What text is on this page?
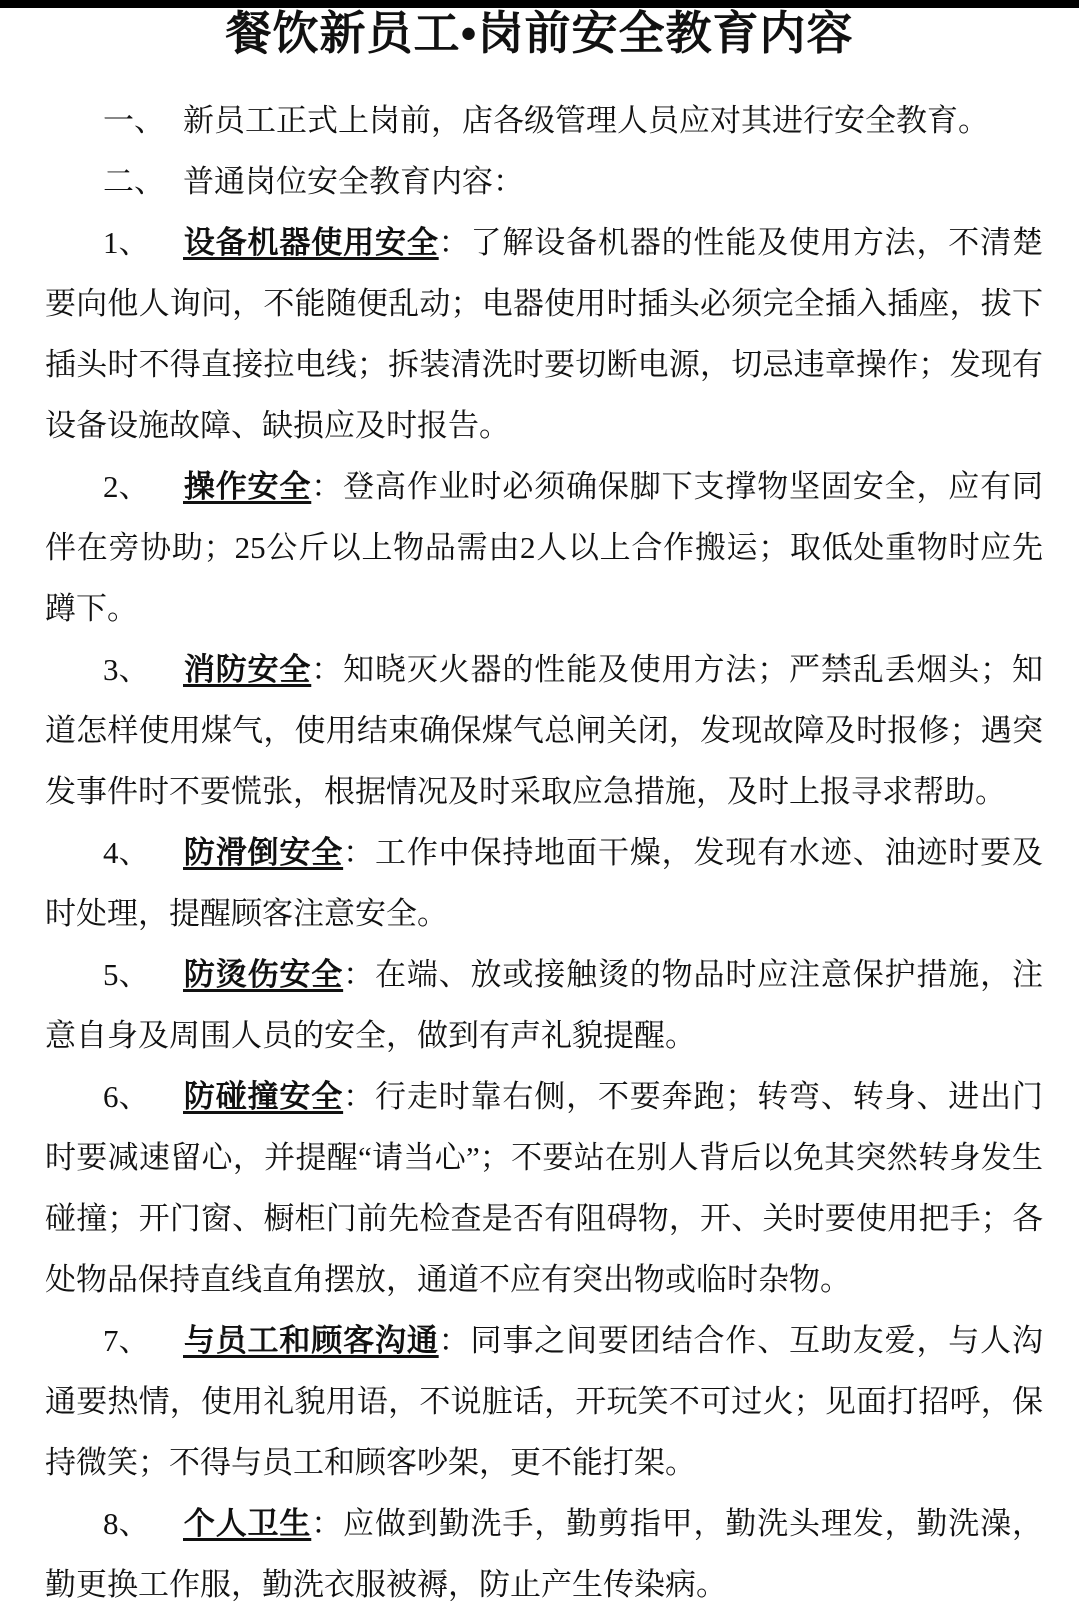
餐饮新员工•岗前安全教育内容

一、 新员工正式上岗前，店各级管理人员应对其进行安全教育。

二、 普通岗位安全教育内容：

1、 设备机器使用安全：了解设备机器的性能及使用方法，不清楚要向他人询问，不能随便乱动；电器使用时插头必须完全插入插座，拔下插头时不得直接拉电线；拆装清洗时要切断电源，切忌违章操作；发现有设备设施故障、缺损应及时报告。

2、 操作安全：登高作业时必须确保脚下支撑物坚固安全，应有同伴在旁协助；25公斤以上物品需由2人以上合作搬运；取低处重物时应先蹲下。

3、 消防安全：知晓灭火器的性能及使用方法；严禁乱丢烟头；知道怎样使用煤气，使用结束确保煤气总闸关闭，发现故障及时报修；遇突发事件时不要慌张，根据情况及时采取应急措施，及时上报寻求帮助。

4、 防滑倒安全：工作中保持地面干燥，发现有水迹、油迹时要及时处理，提醒顾客注意安全。

5、 防烫伤安全：在端、放或接触烫的物品时应注意保护措施，注意自身及周围人员的安全，做到有声礼貌提醒。

6、 防碰撞安全：行走时靠右侧，不要奔跑；转弯、转身、进出门时要减速留心，并提醒“请当心”；不要站在别人背后以免其突然转身发生碰撞；开门窗、橱柜门前先检查是否有阻碍物，开、关时要使用把手；各处物品保持直线直角摆放，通道不应有突出物或临时杂物。

7、 与员工和顾客沟通：同事之间要团结合作、互助友爱，与人沟通要热情，使用礼貌用语，不说脏话，开玩笑不可过火；见面打招呼，保持微笑；不得与员工和顾客吵架，更不能打架。

8、 个人卫生：应做到勤洗手，勤剪指甲，勤洗头理发，勤洗澡，勤更换工作服，勤洗衣服被褥，防止产生传染病。
